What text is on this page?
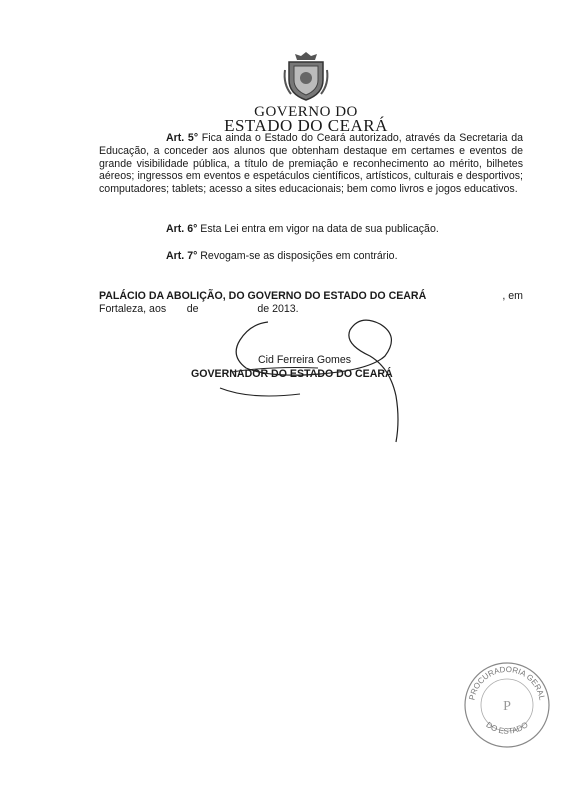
GOVERNO DO
ESTADO DO CEARÁ
Art. 5° Fica ainda o Estado do Ceará autorizado, através da Secretaria da Educação, a conceder aos alunos que obtenham destaque em certames e eventos de grande visibilidade pública, a título de premiação e reconhecimento ao mérito, bilhetes aéreos; ingressos em eventos e espetáculos científicos, artísticos, culturais e desportivos; computadores; tablets; acesso a sites educacionais; bem como livros e jogos educativos.
Art. 6° Esta Lei entra em vigor na data de sua publicação.
Art. 7° Revogam-se as disposições em contrário.
PALÁCIO DA ABOLIÇÃO, DO GOVERNO DO ESTADO DO CEARÁ	, em
Fortaleza, aos       de                    de 2013.
Cid Ferreira Gomes
GOVERNADOR DO ESTADO DO CEARÁ
PROCURADORIA GERAL
DO ESTADO
P
